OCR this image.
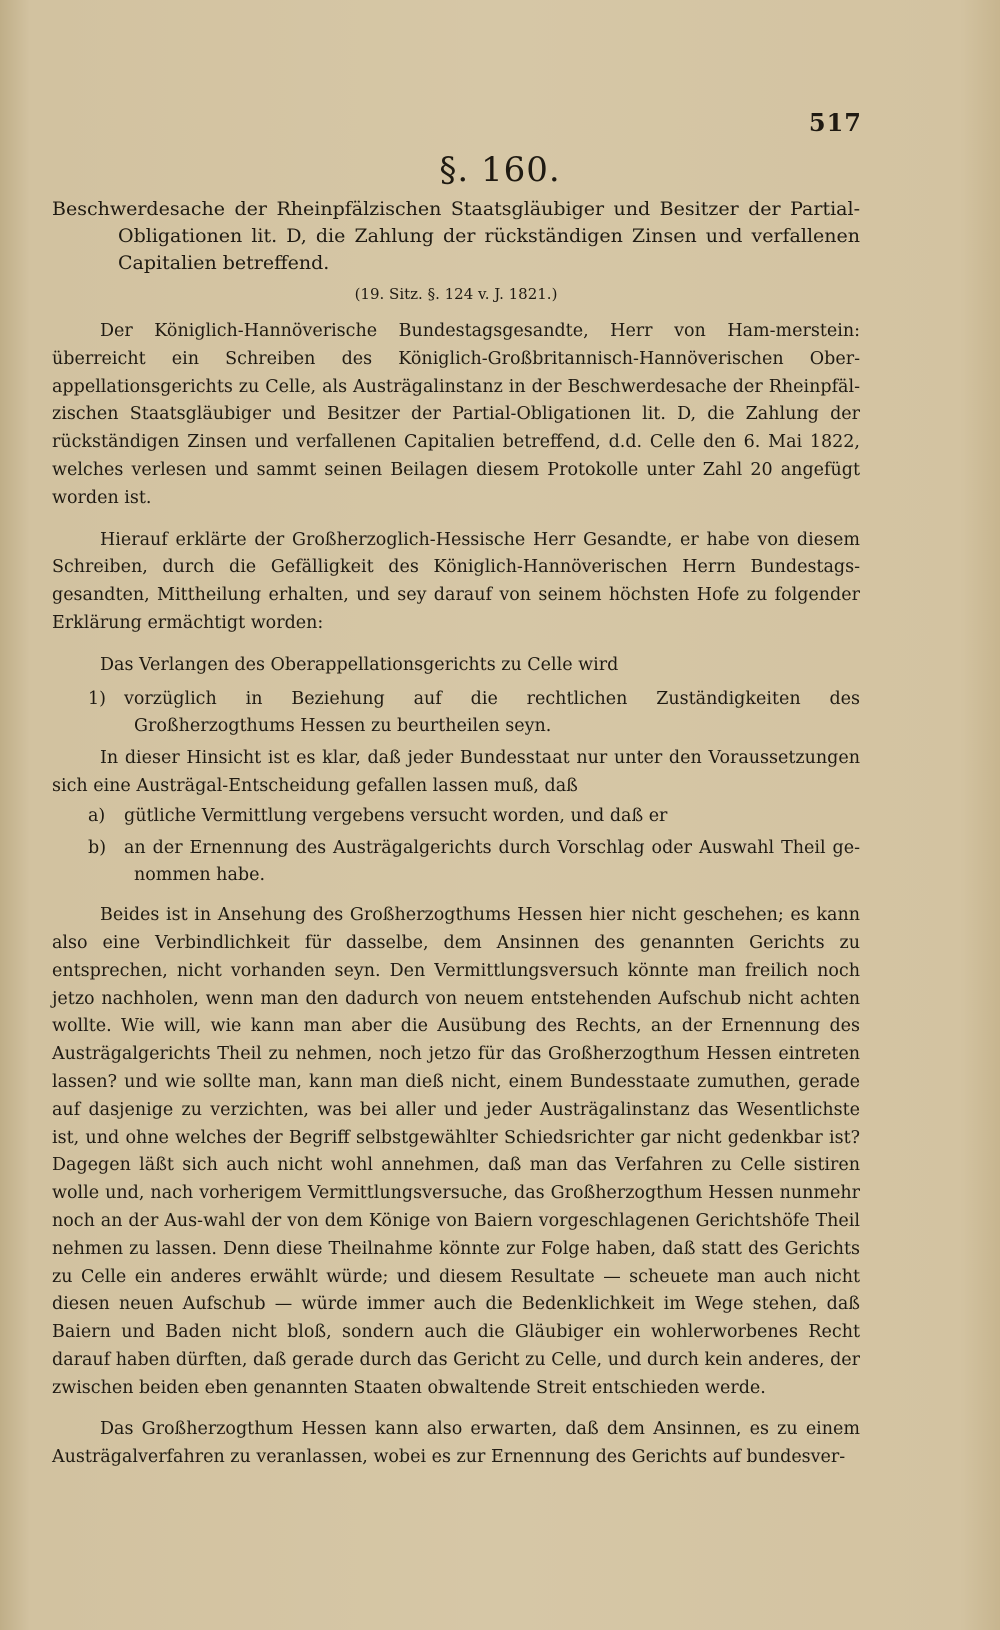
517
§. 160.

Beschwerdesache der Rheinpfälzischen Staatsgläubiger und Besitzer der Partial-Obligationen lit. D, die Zahlung der rückständigen Zinsen und verfallenen Capitalien betreffend.

(19. Sitz. §. 124 v. J. 1821.)

Der Königlich-Hannöverische Bundestagsgesandte, Herr von Ham-merstein: überreicht ein Schreiben des Königlich-Großbritannisch-Hannöverischen Ober-appellationsgerichts zu Celle, als Austrägalinstanz in der Beschwerdesache der Rheinpfäl-zischen Staatsgläubiger und Besitzer der Partial-Obligationen lit. D, die Zahlung der rückständigen Zinsen und verfallenen Capitalien betreffend, d.d. Celle den 6. Mai 1822, welches verlesen und sammt seinen Beilagen diesem Protokolle unter Zahl 20 angefügt worden ist.

Hierauf erklärte der Großherzoglich-Hessische Herr Gesandte, er habe von diesem Schreiben, durch die Gefälligkeit des Königlich-Hannöverischen Herrn Bundestags-gesandten, Mittheilung erhalten, und sey darauf von seinem höchsten Hofe zu folgender Erklärung ermächtigt worden:

Das Verlangen des Oberappellationsgerichts zu Celle wird

1) vorzüglich in Beziehung auf die rechtlichen Zuständigkeiten des Großherzogthums Hessen zu beurtheilen seyn.

In dieser Hinsicht ist es klar, daß jeder Bundesstaat nur unter den Voraussetzungen sich eine Austrägal-Entscheidung gefallen lassen muß, daß

a) gütliche Vermittlung vergebens versucht worden, und daß er
b) an der Ernennung des Austrägalgerichts durch Vorschlag oder Auswahl Theil ge-nommen habe.

Beides ist in Ansehung des Großherzogthums Hessen hier nicht geschehen; es kann also eine Verbindlichkeit für dasselbe, dem Ansinnen des genannten Gerichts zu entsprechen, nicht vorhanden seyn. Den Vermittlungsversuch könnte man freilich noch jetzo nachholen, wenn man den dadurch von neuem entstehenden Aufschub nicht achten wollte. Wie will, wie kann man aber die Ausübung des Rechts, an der Ernennung des Austrägalgerichts Theil zu nehmen, noch jetzo für das Großherzogthum Hessen eintreten lassen? und wie sollte man, kann man dieß nicht, einem Bundesstaate zumuthen, gerade auf dasjenige zu verzichten, was bei aller und jeder Austrägalinstanz das Wesentlichste ist, und ohne welches der Begriff selbstgewählter Schiedsrichter gar nicht gedenkbar ist? Dagegen läßt sich auch nicht wohl annehmen, daß man das Verfahren zu Celle sistiren wolle und, nach vorherigem Vermittlungsversuche, das Großherzogthum Hessen nunmehr noch an der Aus-wahl der von dem Könige von Baiern vorgeschlagenen Gerichtshöfe Theil nehmen zu lassen. Denn diese Theilnahme könnte zur Folge haben, daß statt des Gerichts zu Celle ein anderes erwählt würde; und diesem Resultate — scheuete man auch nicht diesen neuen Aufschub — würde immer auch die Bedenklichkeit im Wege stehen, daß Baiern und Baden nicht bloß, sondern auch die Gläubiger ein wohlerworbenes Recht darauf haben dürften, daß gerade durch das Gericht zu Celle, und durch kein anderes, der zwischen beiden eben genannten Staaten obwaltende Streit entschieden werde.

Das Großherzogthum Hessen kann also erwarten, daß dem Ansinnen, es zu einem Austrägalverfahren zu veranlassen, wobei es zur Ernennung des Gerichts auf bundesver-
